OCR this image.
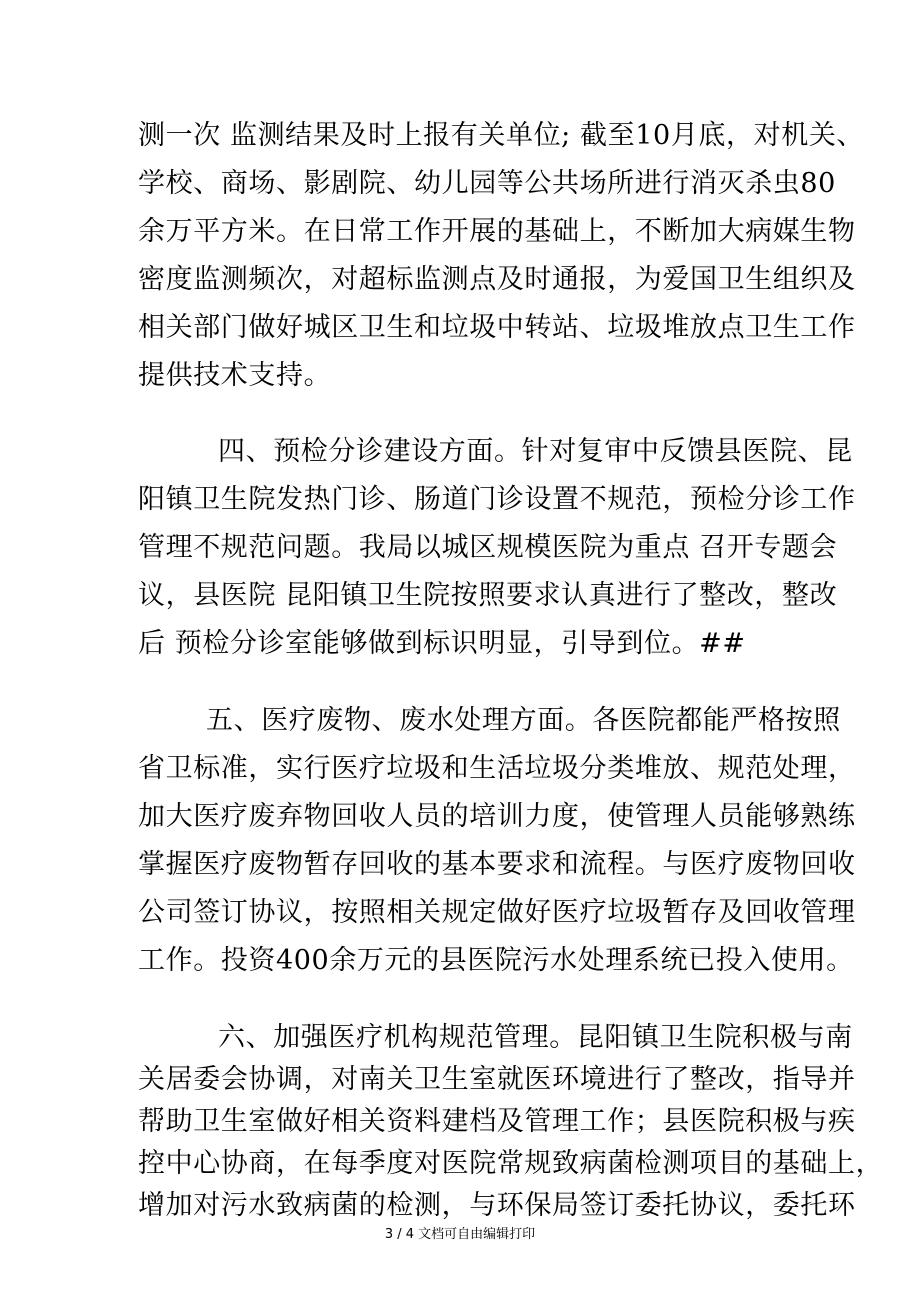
测一次 监测结果及时上报有关单位; 截至10月底，对机关、
学校、商场、影剧院、幼儿园等公共场所进行消灭杀虫80
余万平方米。在日常工作开展的基础上，不断加大病媒生物
密度监测频次，对超标监测点及时通报，为爱国卫生组织及
相关部门做好城区卫生和垃圾中转站、垃圾堆放点卫生工作
提供技术支持。
四、预检分诊建设方面。针对复审中反馈县医院、昆
阳镇卫生院发热门诊、肠道门诊设置不规范，预检分诊工作
管理不规范问题。我局以城区规模医院为重点 召开专题会
议，县医院 昆阳镇卫生院按照要求认真进行了整改，整改
后 预检分诊室能够做到标识明显，引导到位。##
五、医疗废物、废水处理方面。各医院都能严格按照
省卫标准，实行医疗垃圾和生活垃圾分类堆放、规范处理，
加大医疗废弃物回收人员的培训力度，使管理人员能够熟练
掌握医疗废物暂存回收的基本要求和流程。与医疗废物回收
公司签订协议，按照相关规定做好医疗垃圾暂存及回收管理
工作。投资400余万元的县医院污水处理系统已投入使用。
六、加强医疗机构规范管理。昆阳镇卫生院积极与南
关居委会协调，对南关卫生室就医环境进行了整改，指导并
帮助卫生室做好相关资料建档及管理工作；县医院积极与疾
控中心协商，在每季度对医院常规致病菌检测项目的基础上，
3 / 4 文档可自由编辑打印
增加对污水致病菌的检测，与环保局签订委托协议，委托环
